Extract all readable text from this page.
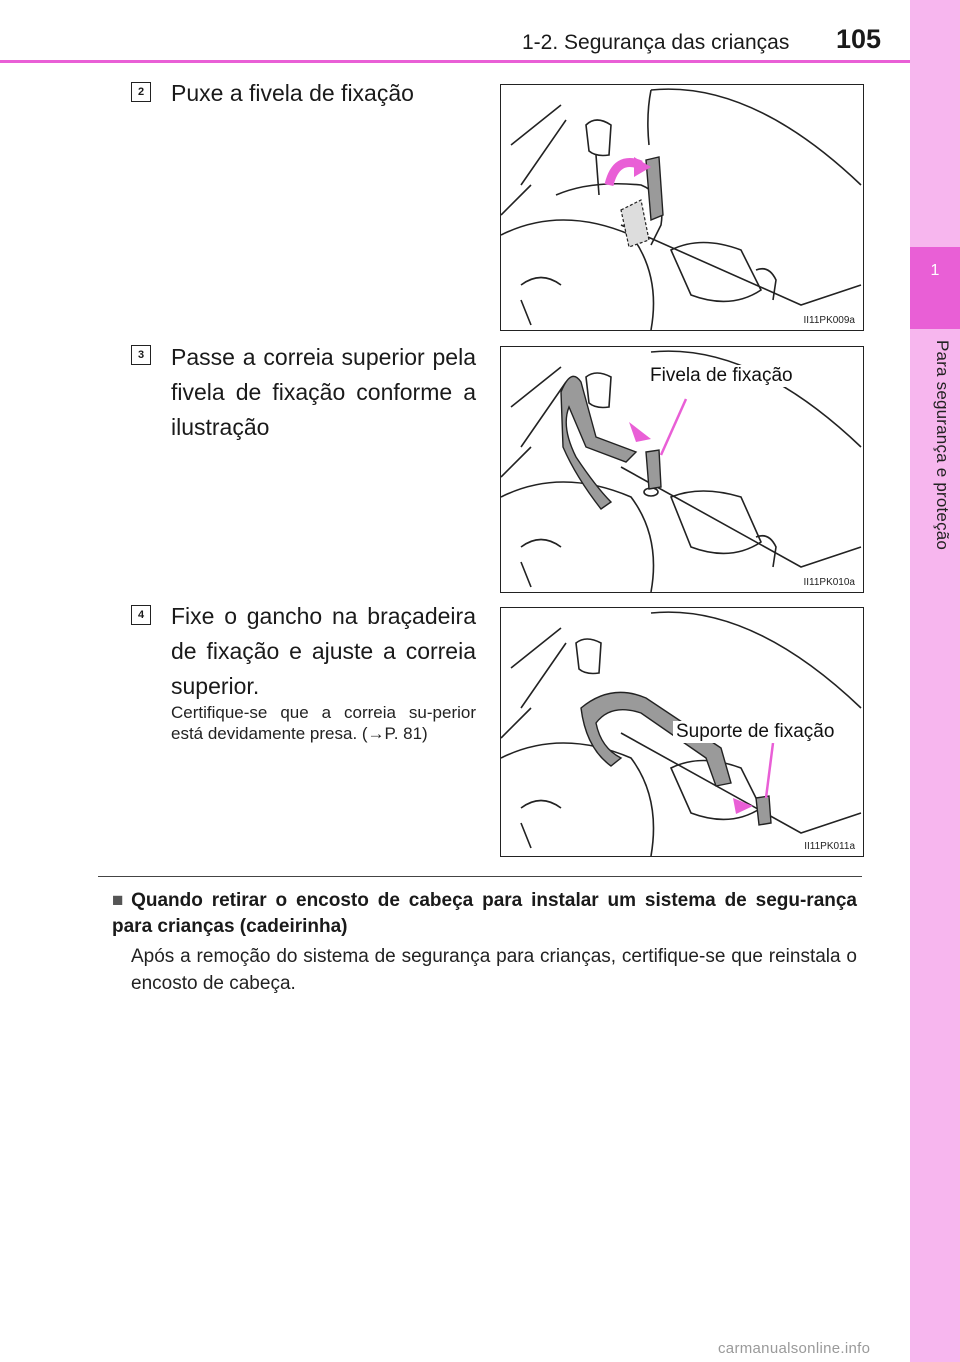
1-2. Segurança das crianças 105
1
Para segurança e proteção
2	Puxe a fivela de fixação
II11PK009a
3	Passe a correia superior pela fivela de fixação conforme a ilustração
Fivela de fixação
II11PK010a
4	Fixe o gancho na braçadeira de fixação e ajuste a correia superior.
Certifique-se que a correia su-perior está devidamente presa. (→P. 81)	Suporte de fixação
II11PK011a
■ Quando retirar o encosto de cabeça para instalar um sistema de segu-rança para crianças (cadeirinha)
Após a remoção do sistema de segurança para crianças, certifique-se que reinstala o encosto de cabeça.
carmanualsonline.info
